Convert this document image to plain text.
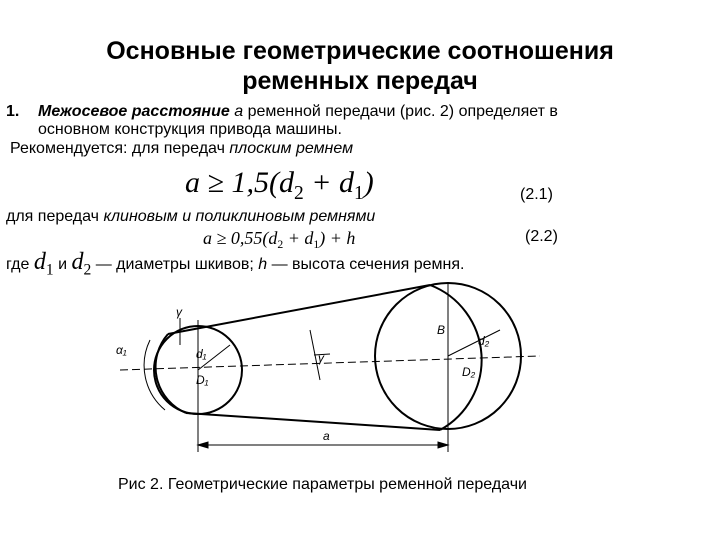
Основные геометрические соотношения
ременных передач
1. Межосевое расстояние а ременной передачи (рис. 2) определяет в
основном конструкция привода машины.
Рекомендуется: для передач плоским ремнем
$a \ge 1,5(d_2 + d_1)$	(2.1)
для передач клиновым и поликлиновым ремнями
$a \ge 0,55(d_2 + d_1) + h$	(2.2)
где $d_1$ и $d_2$ — диаметры шкивов; h — высота сечения ремня.
α₁
γ
γ
d₁
D₁
B
d₂
D₂
a
Рис 2. Геометрические параметры ременной передачи
